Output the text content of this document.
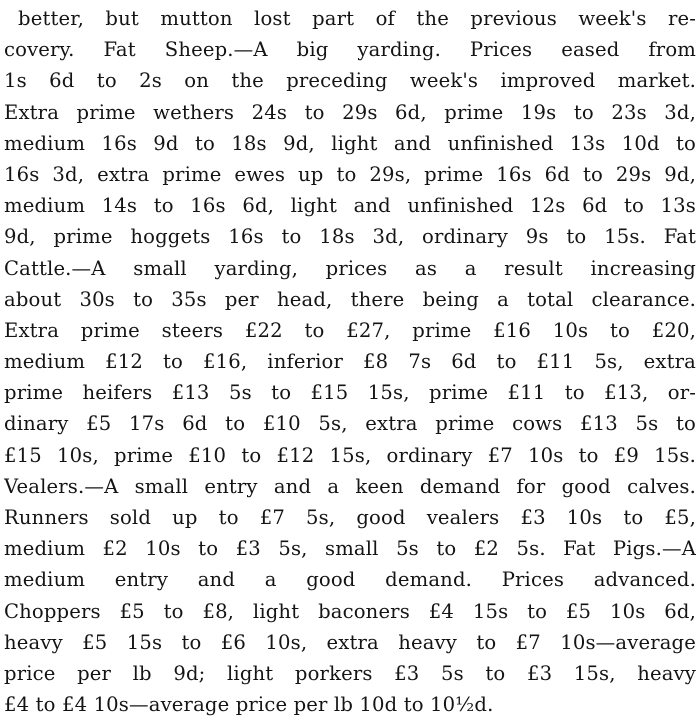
better, but mutton lost part of the previous week's re-
covery. Fat Sheep.—A big yarding. Prices eased from
1s 6d to 2s on the preceding week's improved market.
Extra prime wethers 24s to 29s 6d, prime 19s to 23s 3d,
medium 16s 9d to 18s 9d, light and unfinished 13s 10d to
16s 3d, extra prime ewes up to 29s, prime 16s 6d to 29s 9d,
medium 14s to 16s 6d, light and unfinished 12s 6d to 13s
9d, prime hoggets 16s to 18s 3d, ordinary 9s to 15s. Fat
Cattle.—A small yarding, prices as a result increasing
about 30s to 35s per head, there being a total clearance.
Extra prime steers £22 to £27, prime £16 10s to £20,
medium £12 to £16, inferior £8 7s 6d to £11 5s, extra
prime heifers £13 5s to £15 15s, prime £11 to £13, or-
dinary £5 17s 6d to £10 5s, extra prime cows £13 5s to
£15 10s, prime £10 to £12 15s, ordinary £7 10s to £9 15s.
Vealers.—A small entry and a keen demand for good calves.
Runners sold up to £7 5s, good vealers £3 10s to £5,
medium £2 10s to £3 5s, small 5s to £2 5s. Fat Pigs.—A
medium entry and a good demand. Prices advanced.
Choppers £5 to £8, light baconers £4 15s to £5 10s 6d,
heavy £5 15s to £6 10s, extra heavy to £7 10s—average
price per lb 9d; light porkers £3 5s to £3 15s, heavy
£4 to £4 10s—average price per lb 10d to 10½d.
